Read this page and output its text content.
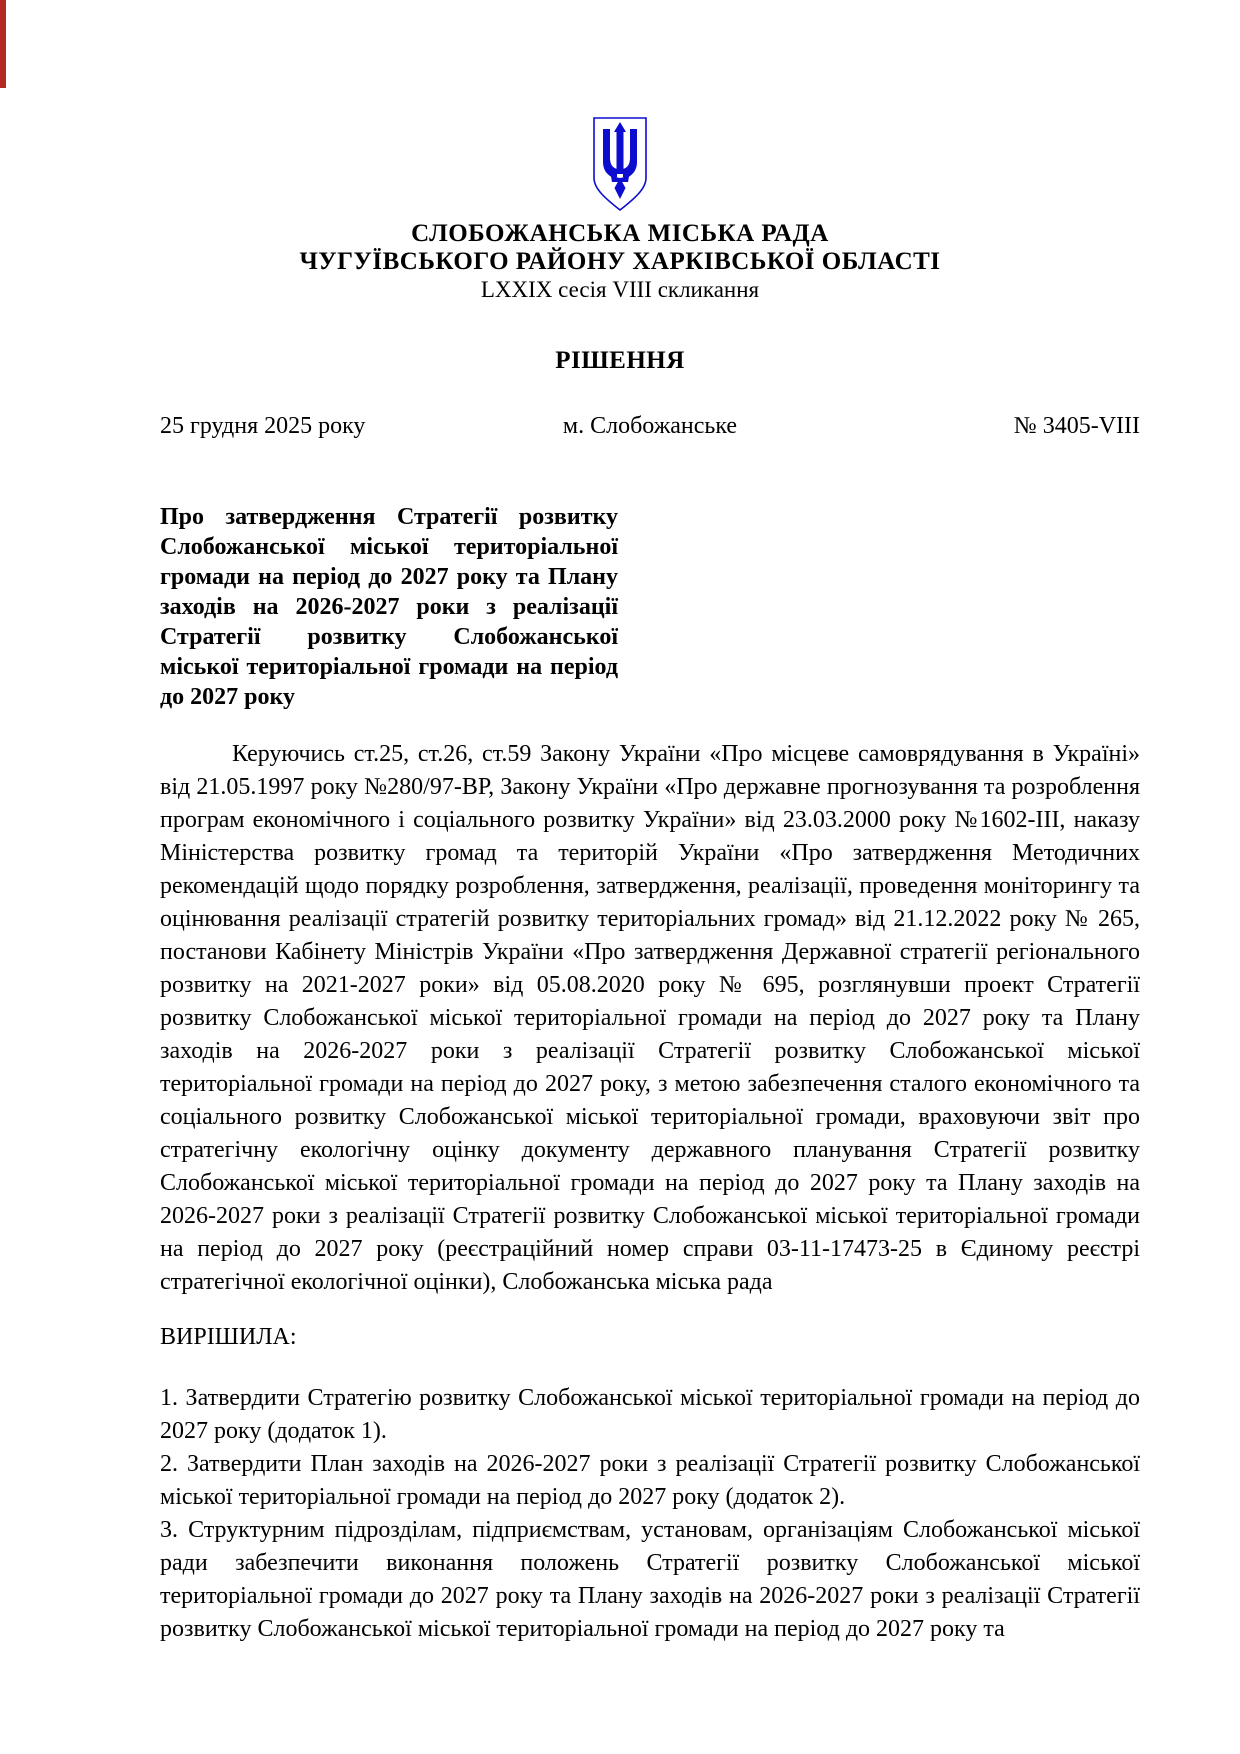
СЛОБОЖАНСЬКА МІСЬКА РАДА
ЧУГУЇВСЬКОГО РАЙОНУ ХАРКІВСЬКОЇ ОБЛАСТІ
LXXIX сесія VIII скликання
РІШЕННЯ
25 грудня 2025 року	м. Слобожанське	№ 3405-VIII

Про затвердження Стратегії розвитку Слобожанської міської територіальної громади на період до 2027 року та Плану заходів на 2026-2027 роки з реалізації Стратегії розвитку Слобожанської міської територіальної громади на період до 2027 року

Керуючись ст.25, ст.26, ст.59 Закону України «Про місцеве самоврядування в Україні» від 21.05.1997 року №280/97-ВР, Закону України «Про державне прогнозування та розроблення програм економічного і соціального розвитку України» від 23.03.2000 року №1602-ІІІ, наказу Міністерства розвитку громад та територій України «Про затвердження Методичних рекомендацій щодо порядку розроблення, затвердження, реалізації, проведення моніторингу та оцінювання реалізації стратегій розвитку територіальних громад» від 21.12.2022 року № 265, постанови Кабінету Міністрів України «Про затвердження Державної стратегії регіонального розвитку на 2021-2027 роки» від 05.08.2020 року № 695, розглянувши проект Стратегії розвитку Слобожанської міської територіальної громади на період до 2027 року та Плану заходів на 2026-2027 роки з реалізації Стратегії розвитку Слобожанської міської територіальної громади на період до 2027 року, з метою забезпечення сталого економічного та соціального розвитку Слобожанської міської територіальної громади, враховуючи звіт про стратегічну екологічну оцінку документу державного планування Стратегії розвитку Слобожанської міської територіальної громади на період до 2027 року та Плану заходів на 2026-2027 роки з реалізації Стратегії розвитку Слобожанської міської територіальної громади на період до 2027 року (реєстраційний номер справи 03-11-17473-25 в Єдиному реєстрі стратегічної екологічної оцінки), Слобожанська міська рада

ВИРІШИЛА:

1. Затвердити Стратегію розвитку Слобожанської міської територіальної громади на період до 2027 року (додаток 1).

2. Затвердити План заходів на 2026-2027 роки з реалізації Стратегії розвитку Слобожанської міської територіальної громади на період до 2027 року (додаток 2).

3. Структурним підрозділам, підприємствам, установам, організаціям Слобожанської міської ради забезпечити виконання положень Стратегії розвитку Слобожанської міської територіальної громади до 2027 року та Плану заходів на 2026-2027 роки з реалізації Стратегії розвитку Слобожанської міської територіальної громади на період до 2027 року та
